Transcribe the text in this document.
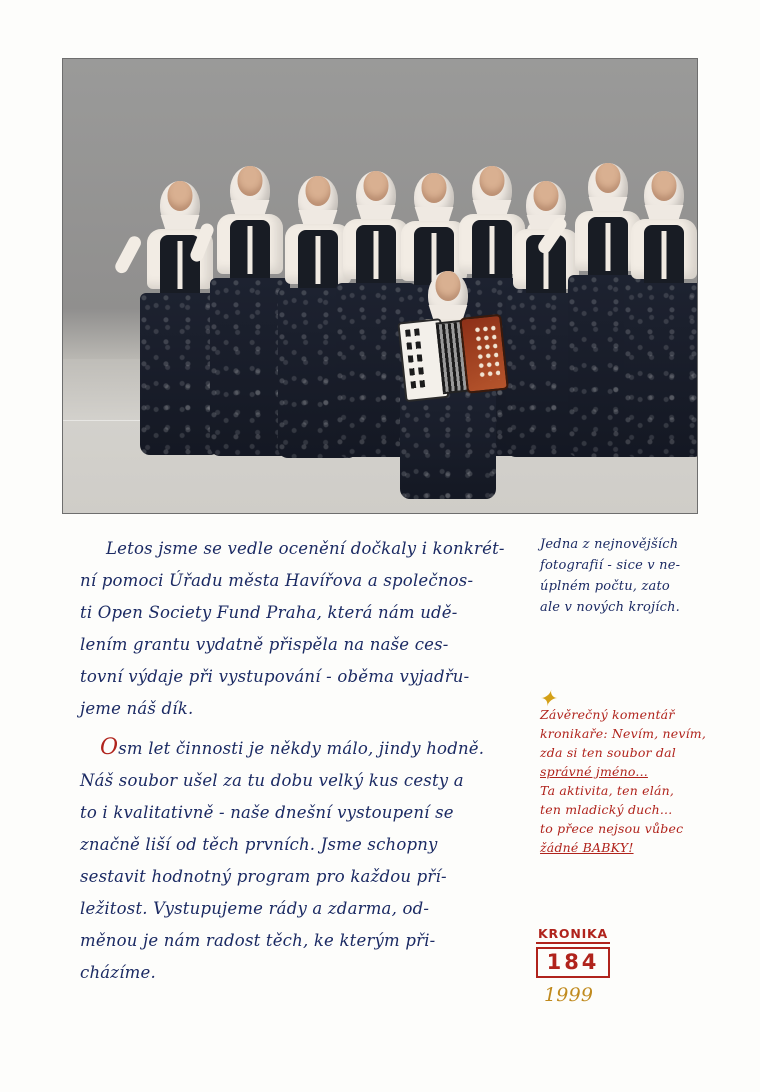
Letos jsme se vedle ocenění dočkaly i konkrét-

ní pomoci Úřadu města Havířova a společnos-

ti Open Society Fund Praha, která nám udě-

lením grantu vydatně přispěla na naše ces-

tovní výdaje při vystupování - oběma vyjadřu-

jeme náš dík.

Osm let činnosti je někdy málo, jindy hodně.

Náš soubor ušel za tu dobu velký kus cesty a

to i kvalitativně - naše dnešní vystoupení se

značně liší od těch prvních. Jsme schopny

sestavit hodnotný program pro každou pří-

ležitost. Vystupujeme rády a zdarma, od-

měnou je nám radost těch, ke kterým při-

cházíme.

Jedna z nejnovějších

fotografií - sice v ne-

úplném počtu, zato

ale v nových krojích.

✦

Závěrečný komentář

kronikaře: Nevím, nevím,

zda si ten soubor dal

správné jméno...

Ta aktivita, ten elán,

ten mladický duch...

to přece nejsou vůbec

žádné BABKY!

KRONIKA
184
1999
